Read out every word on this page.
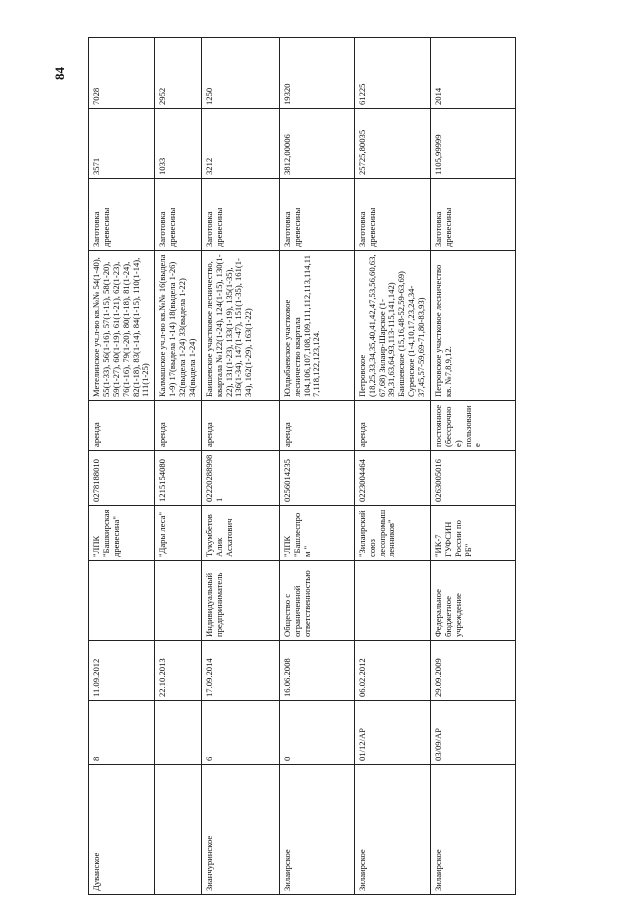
84
Дуванское	8	11.09.2012		"ЛПК "Башкирская древесина"	0278188010	аренда	Метелинское уч.л-во кв.№№ 54(1-40), 55(1-33), 56(1-16), 57(1-15), 58(1-20), 59(1-27), 60(1-19), 61(1-21), 62(1-23), 76(1-16), 79(1-20), 80(1-18), 81(1-24), 82(1-18), 83(1-14), 84(1-15), 110(1-14), 111(1-25)	Заготовка древесины	3571	7028
		22.10.2013		"Дары леса"	1215154080	аренда	Калмашское уч.л-во кв.№№ 16(выдела 1-9) 17(выдела 1-14) 18(выдела 1-26) 32(выдела 1-24) 33(выдела 1-22) 34(выдела 1-24)	Заготовка древесины	1033	2952
Зианчуринское	6	17.09.2014	Индивидуальный предприниматель	Тукумбетов Алик Асхатович	022202889981	аренда	Баишевское участковое лесничество, квартала №122(1-24), 124(1-15), 130(1-22), 131(1-23), 133(1-19), 135(1-35), 136(1-34), 147(1-47), 151(1-35), 161(1-34), 162(1-29), 163(1-22)	Заготовка древесины	3212	1250
Зилаирское	0	16.06.2008	Общество с ограниченной ответственностью	"ЛПК "Башлеспром "	0256014235	аренда	Юлдыбаевское участковое лесничество квартала 104,106,107,108,109,111,112,113,114,117,118,122,123,124.	Заготовка древесины	3812,00006	19320
Зилаирское	01/12/АР	06.02.2012		"Зилаирский союз лесопромышленников"	0223004464	аренда	Петровское (18,25,33,34,35,40,41,42,47,53,56,60,63,67,68) Зилаир-Шарское (1-39,31,63,64,93,113-115,141,142) Баишевское (15,16,48-52,59-63,69) Суренское (1-4,10,17,23,24,34-37,45,57-59,69-71,80-83,93)	Заготовка древесины	25725,80035	61225
Зилаирское	03/09/АР	29.09.2009	Федеральное бюджетное учреждение	"ИК-7 ГУФСИН России по РБ"	0263005016	постоянное (бессрочное) пользование	Петровское участковое лесничество кв. №7,8,9,12.	Заготовка древесины	1105,99999	2014
